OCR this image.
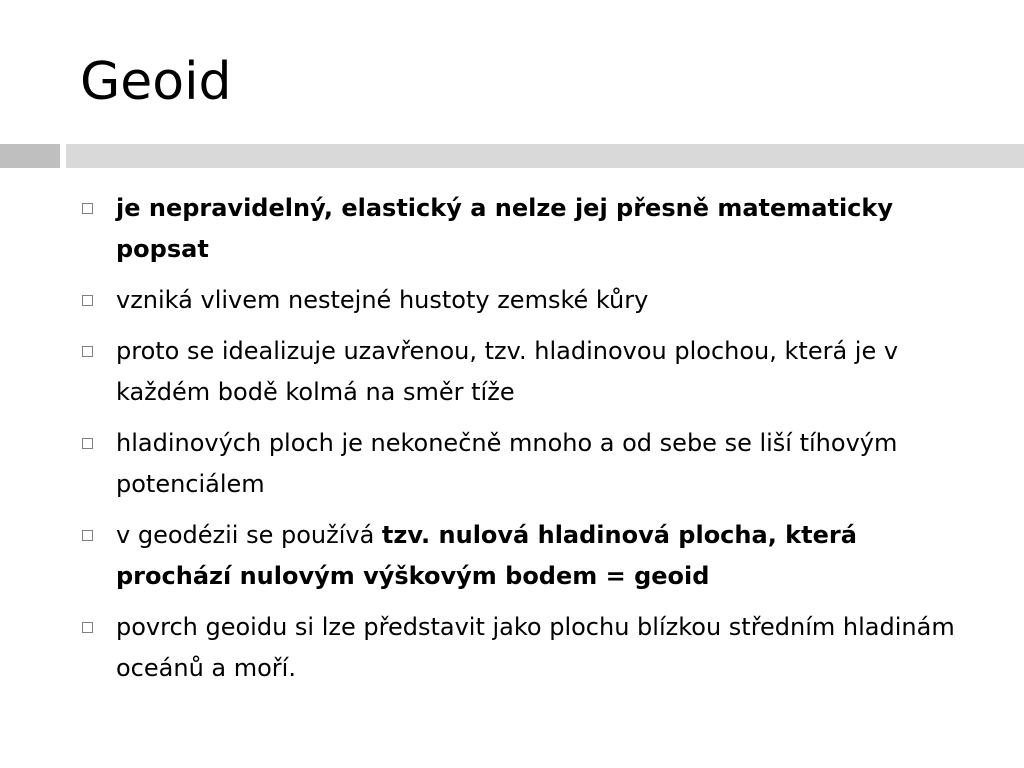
Geoid
je nepravidelný, elastický a nelze jej přesně matematicky popsat
vzniká vlivem nestejné hustoty zemské kůry
proto se idealizuje uzavřenou, tzv. hladinovou plochou, která je v každém bodě kolmá na směr tíže
hladinových ploch je nekonečně mnoho a od sebe se liší tíhovým potenciálem
v geodézii se používá tzv. nulová hladinová plocha, která prochází nulovým výškovým bodem = geoid
povrch geoidu si lze představit jako plochu blízkou středním hladinám oceánů a moří.
